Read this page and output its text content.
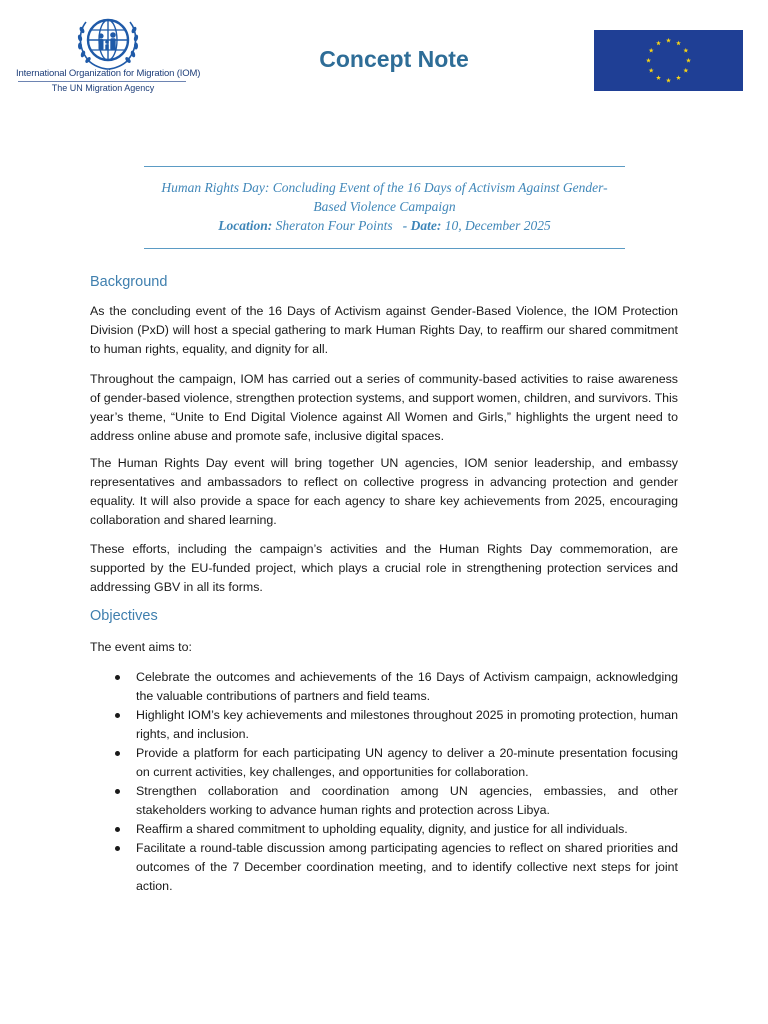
International Organization for Migration (IOM)
The UN Migration Agency
Concept Note
Human Rights Day: Concluding Event of the 16 Days of Activism Against Gender-
Based Violence Campaign
Location: Sheraton Four Points - Date: 10, December 2025
Background

As the concluding event of the 16 Days of Activism against Gender-Based Violence, the IOM Protection Division (PxD) will host a special gathering to mark Human Rights Day, to reaffirm our shared commitment to human rights, equality, and dignity for all.

Throughout the campaign, IOM has carried out a series of community-based activities to raise awareness of gender-based violence, strengthen protection systems, and support women, children, and survivors. This year’s theme, “Unite to End Digital Violence against All Women and Girls,” highlights the urgent need to address online abuse and promote safe, inclusive digital spaces.

The Human Rights Day event will bring together UN agencies, IOM senior leadership, and embassy representatives and ambassadors to reflect on collective progress in advancing protection and gender equality. It will also provide a space for each agency to share key achievements from 2025, encouraging collaboration and shared learning.

These efforts, including the campaign’s activities and the Human Rights Day commemoration, are supported by the EU-funded project, which plays a crucial role in strengthening protection services and addressing GBV in all its forms.

Objectives

The event aims to:

Celebrate the outcomes and achievements of the 16 Days of Activism campaign, acknowledging the valuable contributions of partners and field teams.
Highlight IOM’s key achievements and milestones throughout 2025 in promoting protection, human rights, and inclusion.
Provide a platform for each participating UN agency to deliver a 20-minute presentation focusing on current activities, key challenges, and opportunities for collaboration.
Strengthen collaboration and coordination among UN agencies, embassies, and other stakeholders working to advance human rights and protection across Libya.
Reaffirm a shared commitment to upholding equality, dignity, and justice for all individuals.
Facilitate a round-table discussion among participating agencies to reflect on shared priorities and outcomes of the 7 December coordination meeting, and to identify collective next steps for joint action.
